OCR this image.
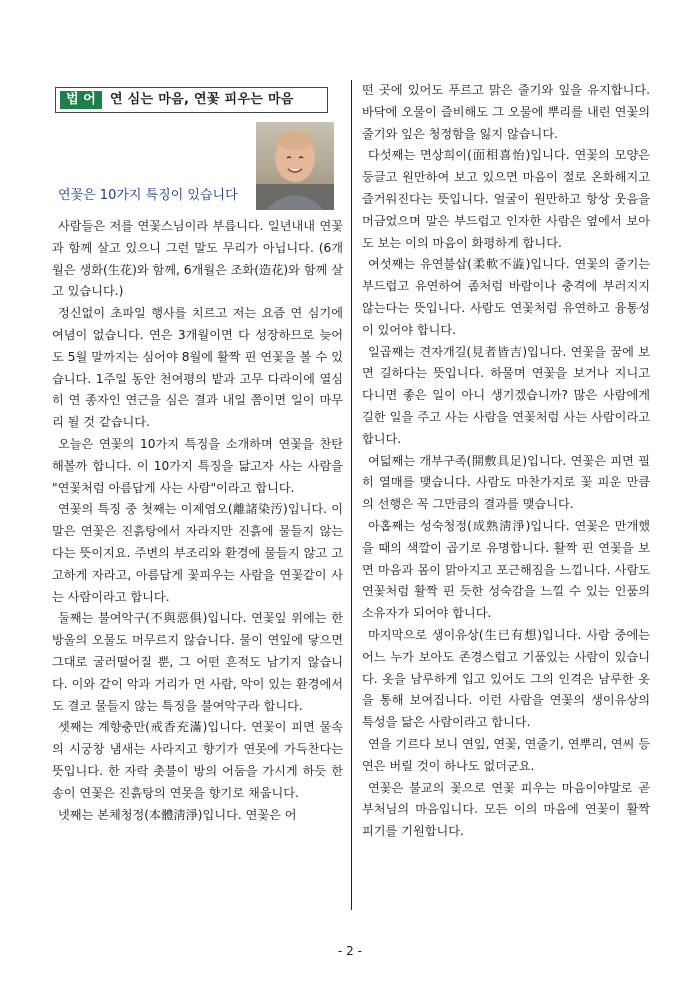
법 어	연 심는 마음, 연꽃 피우는 마음
연꽃은 10가지 특징이 있습니다

사람들은 저를 연꽃스님이라 부릅니다. 일년내내 연꽃과 함께 살고 있으니 그런 말도 무리가 아닙니다. (6개월은 생화(生花)와 함께, 6개월은 조화(造花)와 함께 살고 있습니다.)

정신없이 초파일 행사를 치르고 저는 요즘 연 심기에 여념이 없습니다. 연은 3개월이면 다 성장하므로 늦어도 5월 말까지는 심어야 8월에 활짝 핀 연꽃을 볼 수 있습니다. 1주일 동안 천여평의 밭과 고무 다라이에 열심히 연 종자인 연근을 심은 결과 내일 쯤이면 일이 마무리 될 것 같습니다.

오늘은 연꽃의 10가지 특징을 소개하며 연꽃을 찬탄해볼까 합니다. 이 10가지 특징을 닮고자 사는 사람을 "연꽃처럼 아름답게 사는 사람"이라고 합니다.

연꽃의 특징 중 첫째는 이제염오(離諸染汚)입니다. 이 말은 연꽃은 진흙탕에서 자라지만 진흙에 물들지 않는다는 뜻이지요. 주변의 부조리와 환경에 물들지 않고 고고하게 자라고, 아름답게 꽃피우는 사람을 연꽃같이 사는 사람이라고 합니다.

둘째는 불여악구(不與惡俱)입니다. 연꽃잎 위에는 한 방울의 오물도 머무르지 않습니다. 물이 연잎에 닿으면 그대로 굴러떨어질 뿐, 그 어떤 흔적도 남기지 않습니다. 이와 같이 악과 거리가 먼 사람, 악이 있는 환경에서도 결코 물들지 않는 특징을 불여악구라 합니다.

셋째는 계향충만(戒香充滿)입니다. 연꽃이 피면 물속의 시궁창 냄새는 사라지고 향기가 연못에 가득찬다는 뜻입니다. 한 자락 촛불이 방의 어둠을 가시게 하듯 한송이 연꽃은 진흙탕의 연못을 향기로 채웁니다.

넷째는 본체청정(本體淸淨)입니다. 연꽃은 어

떤 곳에 있어도 푸르고 맑은 줄기와 잎을 유지합니다. 바닥에 오물이 즐비해도 그 오물에 뿌리를 내린 연꽃의 줄기와 잎은 청정함을 잃지 않습니다.

다섯째는 면상희이(面相喜怡)입니다. 연꽃의 모양은 둥글고 원만하여 보고 있으면 마음이 절로 온화해지고 즐거워진다는 뜻입니다. 얼굴이 원만하고 항상 웃음을 머금었으며 말은 부드럽고 인자한 사람은 옆에서 보아도 보는 이의 마음이 화평하게 합니다.

여섯째는 유연불삽(柔軟不澁)입니다. 연꽃의 줄기는 부드럽고 유연하여 좀처럼 바람이나 충격에 부러지지 않는다는 뜻입니다. 사람도 연꽃처럼 유연하고 융통성이 있어야 합니다.

일곱째는 견자개길(見者皆吉)입니다. 연꽃을 꿈에 보면 길하다는 뜻입니다. 하물며 연꽃을 보거나 지니고 다니면 좋은 일이 아니 생기겠습니까? 많은 사람에게 길한 일을 주고 사는 사람을 연꽃처럼 사는 사람이라고 합니다.

여덟째는 개부구족(開敷具足)입니다. 연꽃은 피면 필히 열매를 맺습니다. 사람도 마찬가지로 꽃 피운 만큼의 선행은 꼭 그만큼의 결과를 맺습니다.

아홉째는 성숙청정(成熟淸淨)입니다. 연꽃은 만개했을 때의 색깔이 곱기로 유명합니다. 활짝 핀 연꽃을 보면 마음과 몸이 맑아지고 포근해짐을 느낍니다. 사람도 연꽃처럼 활짝 핀 듯한 성숙감을 느낄 수 있는 인품의 소유자가 되어야 합니다.

마지막으로 생이유상(生已有想)입니다. 사람 중에는 어느 누가 보아도 존경스럽고 기품있는 사람이 있습니다. 옷을 남루하게 입고 있어도 그의 인격은 남루한 옷을 통해 보여집니다. 이런 사람을 연꽃의 생이유상의 특성을 닮은 사람이라고 합니다.

연을 기르다 보니 연잎, 연꽃, 연줄기, 연뿌리, 연씨 등 연은 버릴 것이 하나도 없더군요.

연꽃은 불교의 꽃으로 연꽃 피우는 마음이야말로 곧 부처님의 마음입니다. 모든 이의 마음에 연꽃이 활짝 피기를 기원합니다.

- 2 -
